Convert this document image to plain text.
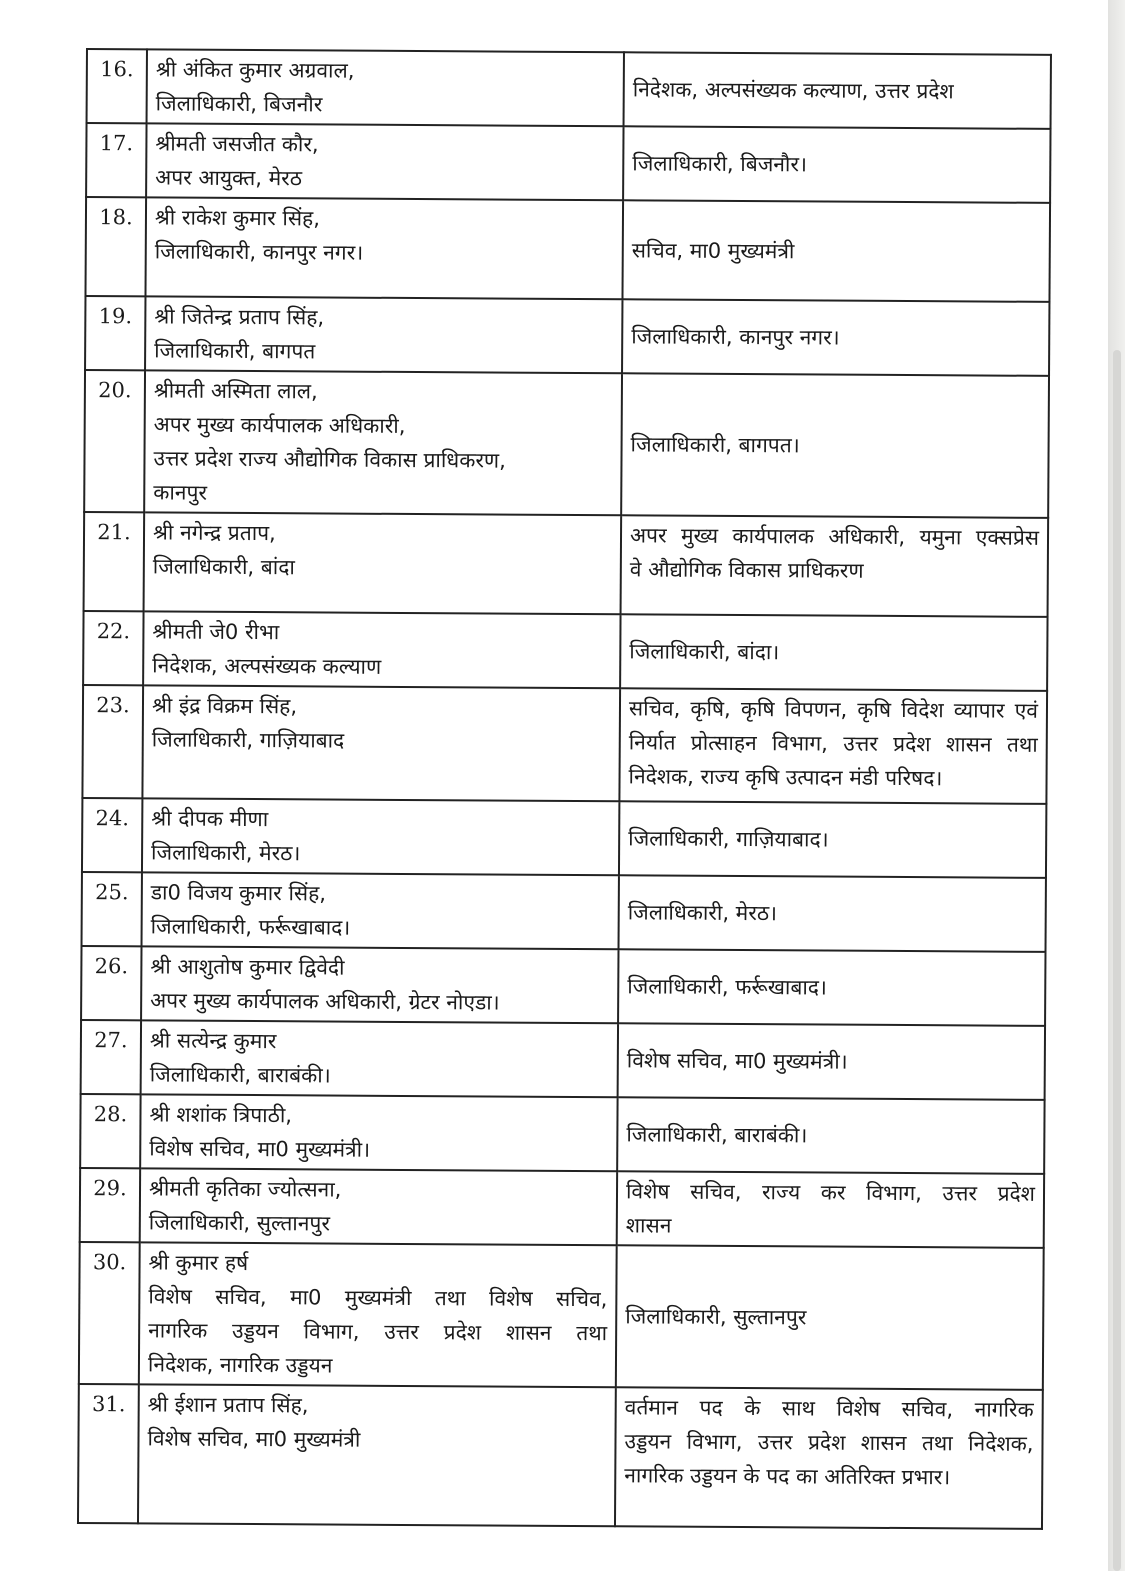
16.	श्री अंकित कुमार अग्रवाल,
जिलाधिकारी, बिजनौर	निदेशक, अल्पसंख्यक कल्याण, उत्तर प्रदेश

17.	श्रीमती जसजीत कौर,
अपर आयुक्त, मेरठ	जिलाधिकारी, बिजनौर।

18.	श्री राकेश कुमार सिंह,
जिलाधिकारी, कानपुर नगर।	सचिव, मा0 मुख्यमंत्री

19.	श्री जितेन्द्र प्रताप सिंह,
जिलाधिकारी, बागपत	जिलाधिकारी, कानपुर नगर।

20.	श्रीमती अस्मिता लाल,
अपर मुख्य कार्यपालक अधिकारी,
उत्तर प्रदेश राज्य औद्योगिक विकास प्राधिकरण,
कानपुर	जिलाधिकारी, बागपत।

21.	श्री नगेन्द्र प्रताप,
जिलाधिकारी, बांदा	अपर मुख्य कार्यपालक अधिकारी, यमुना एक्सप्रेस
वे औद्योगिक विकास प्राधिकरण

22.	श्रीमती जे0 रीभा
निदेशक, अल्पसंख्यक कल्याण	जिलाधिकारी, बांदा।

23.	श्री इंद्र विक्रम सिंह,
जिलाधिकारी, गाज़ियाबाद	सचिव, कृषि, कृषि विपणन, कृषि विदेश व्यापार एवं
निर्यात प्रोत्साहन विभाग, उत्तर प्रदेश शासन तथा
निदेशक, राज्य कृषि उत्पादन मंडी परिषद।

24.	श्री दीपक मीणा
जिलाधिकारी, मेरठ।	जिलाधिकारी, गाज़ियाबाद।

25.	डा0 विजय कुमार सिंह,
जिलाधिकारी, फर्रूखाबाद।	जिलाधिकारी, मेरठ।

26.	श्री आशुतोष कुमार द्विवेदी
अपर मुख्य कार्यपालक अधिकारी, ग्रेटर नोएडा।	जिलाधिकारी, फर्रूखाबाद।

27.	श्री सत्येन्द्र कुमार
जिलाधिकारी, बाराबंकी।	विशेष सचिव, मा0 मुख्यमंत्री।

28.	श्री शशांक त्रिपाठी,
विशेष सचिव, मा0 मुख्यमंत्री।	जिलाधिकारी, बाराबंकी।

29.	श्रीमती कृतिका ज्योत्सना,
जिलाधिकारी, सुल्तानपुर	विशेष सचिव, राज्य कर विभाग, उत्तर प्रदेश
शासन

30.	श्री कुमार हर्ष
विशेष सचिव, मा0 मुख्यमंत्री तथा विशेष सचिव,
नागरिक उड्डयन विभाग, उत्तर प्रदेश शासन तथा
निदेशक, नागरिक उड्डयन	जिलाधिकारी, सुल्तानपुर

31.	श्री ईशान प्रताप सिंह,
विशेष सचिव, मा0 मुख्यमंत्री	वर्तमान पद के साथ विशेष सचिव, नागरिक
उड्डयन विभाग, उत्तर प्रदेश शासन तथा निदेशक,
नागरिक उड्डयन के पद का अतिरिक्त प्रभार।
